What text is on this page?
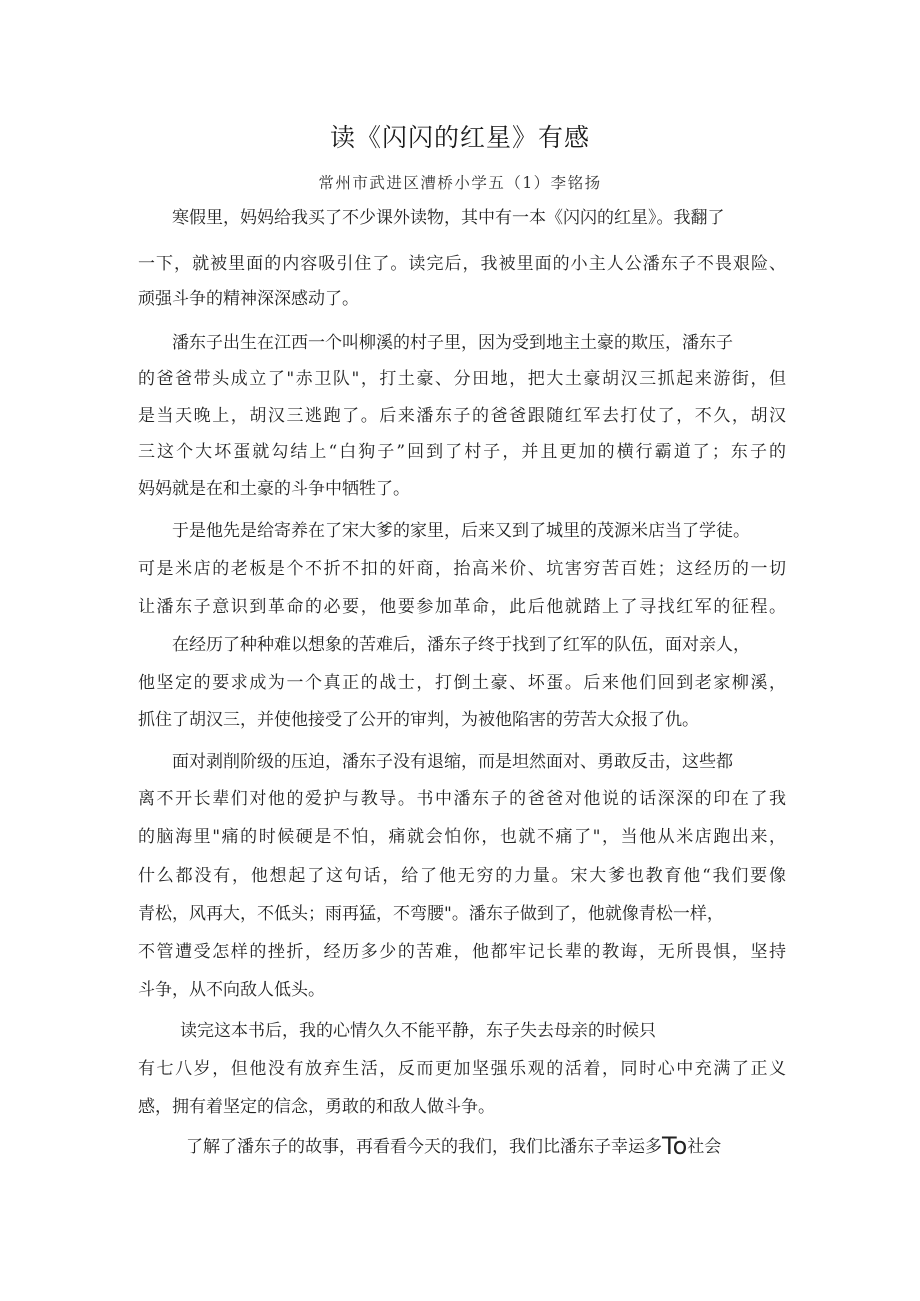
读《闪闪的红星》有感
常州市武进区漕桥小学五（1）李铭扬
寒假里，妈妈给我买了不少课外读物，其中有一本《闪闪的红星》。我翻了
一下，就被里面的内容吸引住了。读完后，我被里面的小主人公潘东子不畏艰险、
顽强斗争的精神深深感动了。
潘东子出生在江西一个叫柳溪的村子里，因为受到地主土豪的欺压，潘东子
的爸爸带头成立了"赤卫队"，打土豪、分田地，把大土豪胡汉三抓起来游街，但
是当天晚上，胡汉三逃跑了。后来潘东子的爸爸跟随红军去打仗了，不久，胡汉
三这个大坏蛋就勾结上“白狗子”回到了村子，并且更加的横行霸道了；东子的
妈妈就是在和土豪的斗争中牺牲了。
于是他先是给寄养在了宋大爹的家里，后来又到了城里的茂源米店当了学徒。
可是米店的老板是个不折不扣的奸商，抬高米价、坑害穷苦百姓；这经历的一切
让潘东子意识到革命的必要，他要参加革命，此后他就踏上了寻找红军的征程。
在经历了种种难以想象的苦难后，潘东子终于找到了红军的队伍，面对亲人，
他坚定的要求成为一个真正的战士，打倒土豪、坏蛋。后来他们回到老家柳溪，
抓住了胡汉三，并使他接受了公开的审判，为被他陷害的劳苦大众报了仇。
面对剥削阶级的压迫，潘东子没有退缩，而是坦然面对、勇敢反击，这些都
离不开长辈们对他的爱护与教导。书中潘东子的爸爸对他说的话深深的印在了我
的脑海里"痛的时候硬是不怕，痛就会怕你，也就不痛了"，当他从米店跑出来，
什么都没有，他想起了这句话，给了他无穷的力量。宋大爹也教育他“我们要像
青松，风再大，不低头；雨再猛，不弯腰"。潘东子做到了，他就像青松一样，
不管遭受怎样的挫折，经历多少的苦难，他都牢记长辈的教诲，无所畏惧，坚持
斗争，从不向敌人低头。
读完这本书后，我的心情久久不能平静，东子失去母亲的时候只
有七八岁，但他没有放弃生活，反而更加坚强乐观的活着，同时心中充满了正义
感，拥有着坚定的信念，勇敢的和敌人做斗争。
了解了潘东子的故事，再看看今天的我们，我们比潘东子幸运多To社会
